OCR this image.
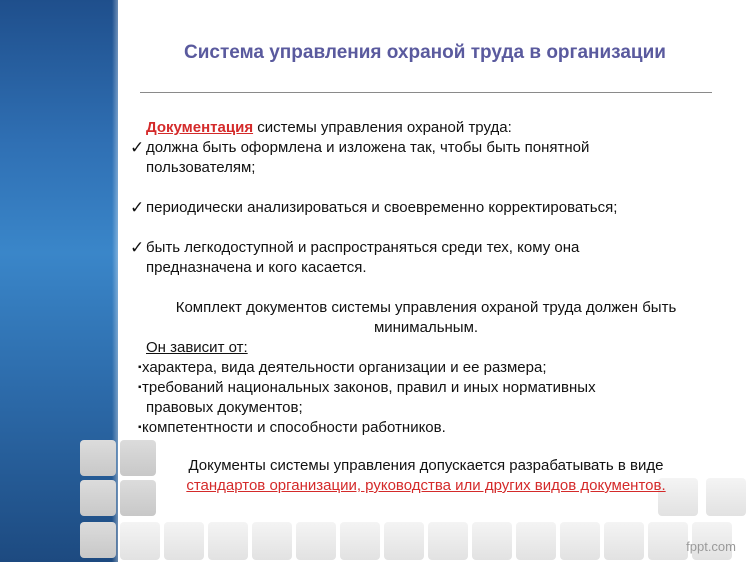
Система управления охраной труда в организации
Документация системы управления охраной труда:
✓ должна быть оформлена и изложена так, чтобы быть понятной
пользователям;
✓ периодически анализироваться и своевременно корректироваться;
✓ быть легкодоступной и распространяться среди тех, кому она
предназначена и кого касается.
Комплект документов системы управления охраной труда должен быть
минимальным.
Он зависит от:
▪ характера, вида деятельности организации и ее размера;
▪ требований национальных законов, правил и иных нормативных
правовых документов;
▪ компетентности и способности работников.
Документы системы управления допускается разрабатывать в виде
стандартов организации, руководства или других видов документов.
fppt.com
